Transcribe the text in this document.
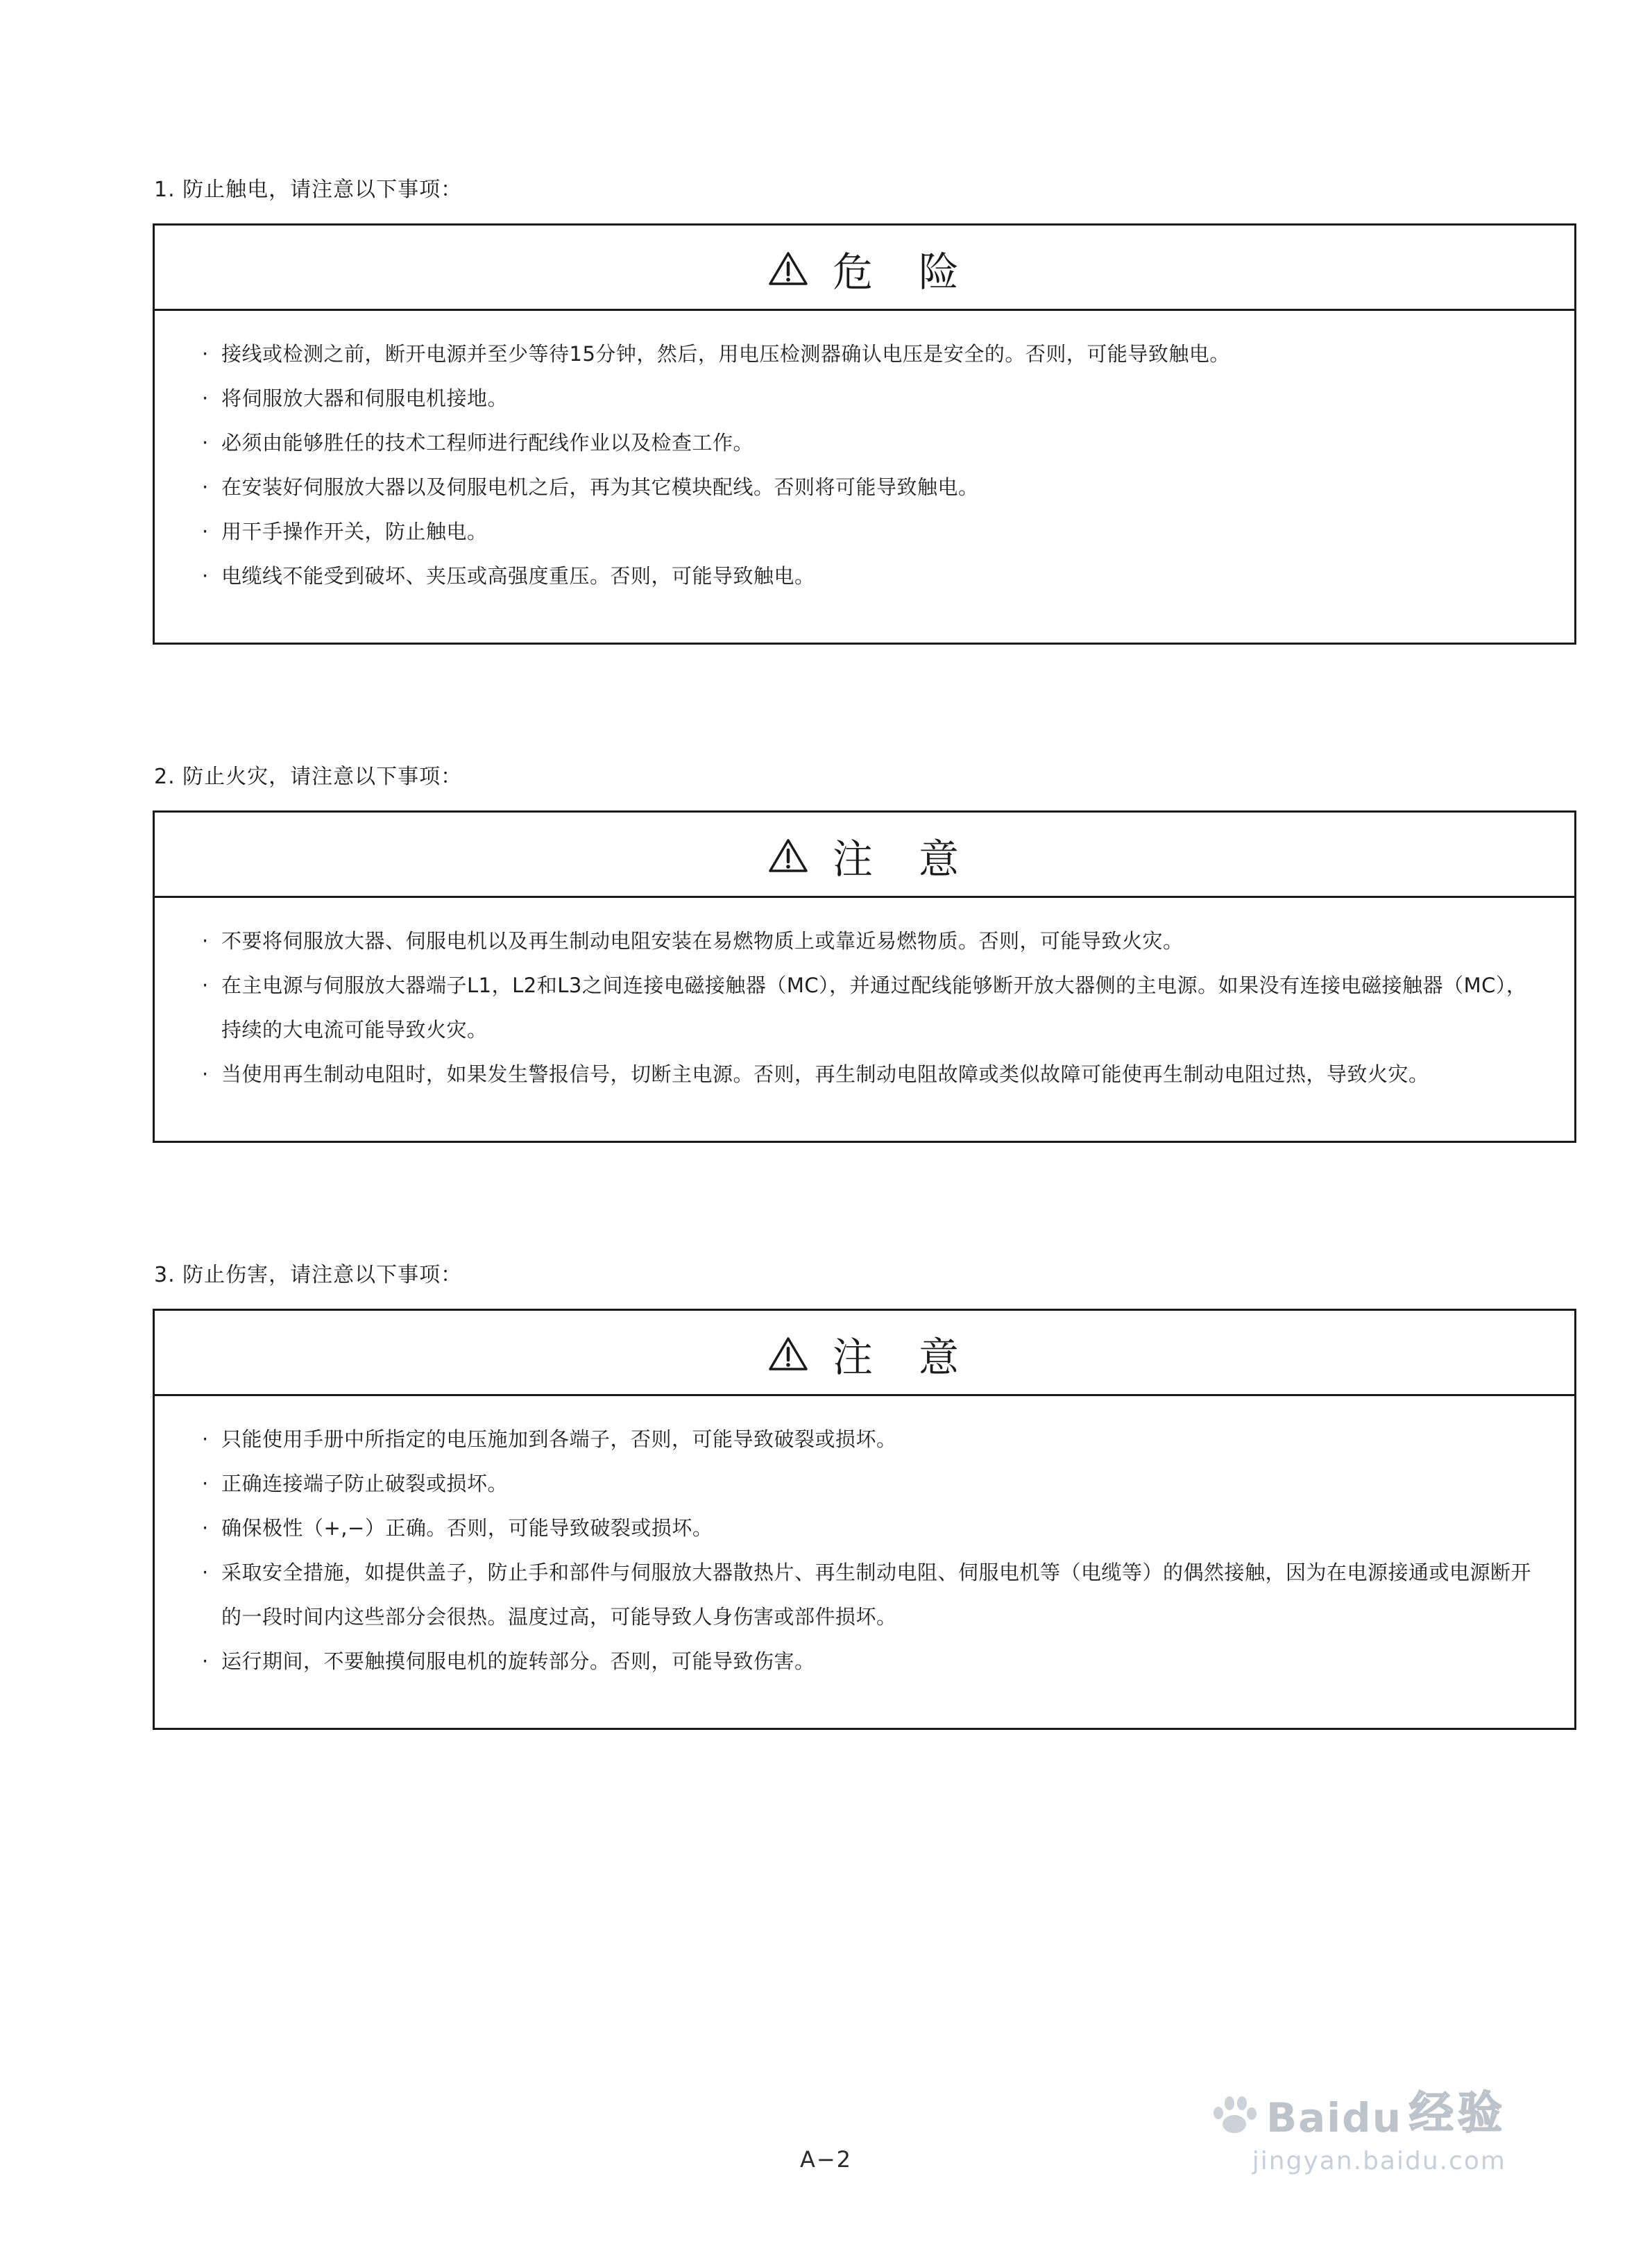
1. 防止触电，请注意以下事项：
危　险
· 接线或检测之前，断开电源并至少等待15分钟，然后，用电压检测器确认电压是安全的。否则，可能导致触电。
· 将伺服放大器和伺服电机接地。
· 必须由能够胜任的技术工程师进行配线作业以及检查工作。
· 在安装好伺服放大器以及伺服电机之后，再为其它模块配线。否则将可能导致触电。
· 用干手操作开关，防止触电。
· 电缆线不能受到破坏、夹压或高强度重压。否则，可能导致触电。
2. 防止火灾，请注意以下事项：
注　意
· 不要将伺服放大器、伺服电机以及再生制动电阻安装在易燃物质上或靠近易燃物质。否则，可能导致火灾。
· 在主电源与伺服放大器端子L1，L2和L3之间连接电磁接触器（MC），并通过配线能够断开放大器侧的主电源。如果没有连接电磁接触器（MC），持续的大电流可能导致火灾。
· 当使用再生制动电阻时，如果发生警报信号，切断主电源。否则，再生制动电阻故障或类似故障可能使再生制动电阻过热，导致火灾。
3. 防止伤害，请注意以下事项：
注　意
· 只能使用手册中所指定的电压施加到各端子，否则，可能导致破裂或损坏。
· 正确连接端子防止破裂或损坏。
· 确保极性（+,−）正确。否则，可能导致破裂或损坏。
· 采取安全措施，如提供盖子，防止手和部件与伺服放大器散热片、再生制动电阻、伺服电机等（电缆等）的偶然接触，因为在电源接通或电源断开的一段时间内这些部分会很热。温度过高，可能导致人身伤害或部件损坏。
· 运行期间，不要触摸伺服电机的旋转部分。否则，可能导致伤害。
A−2
Baidu 经验
jingyan.baidu.com
